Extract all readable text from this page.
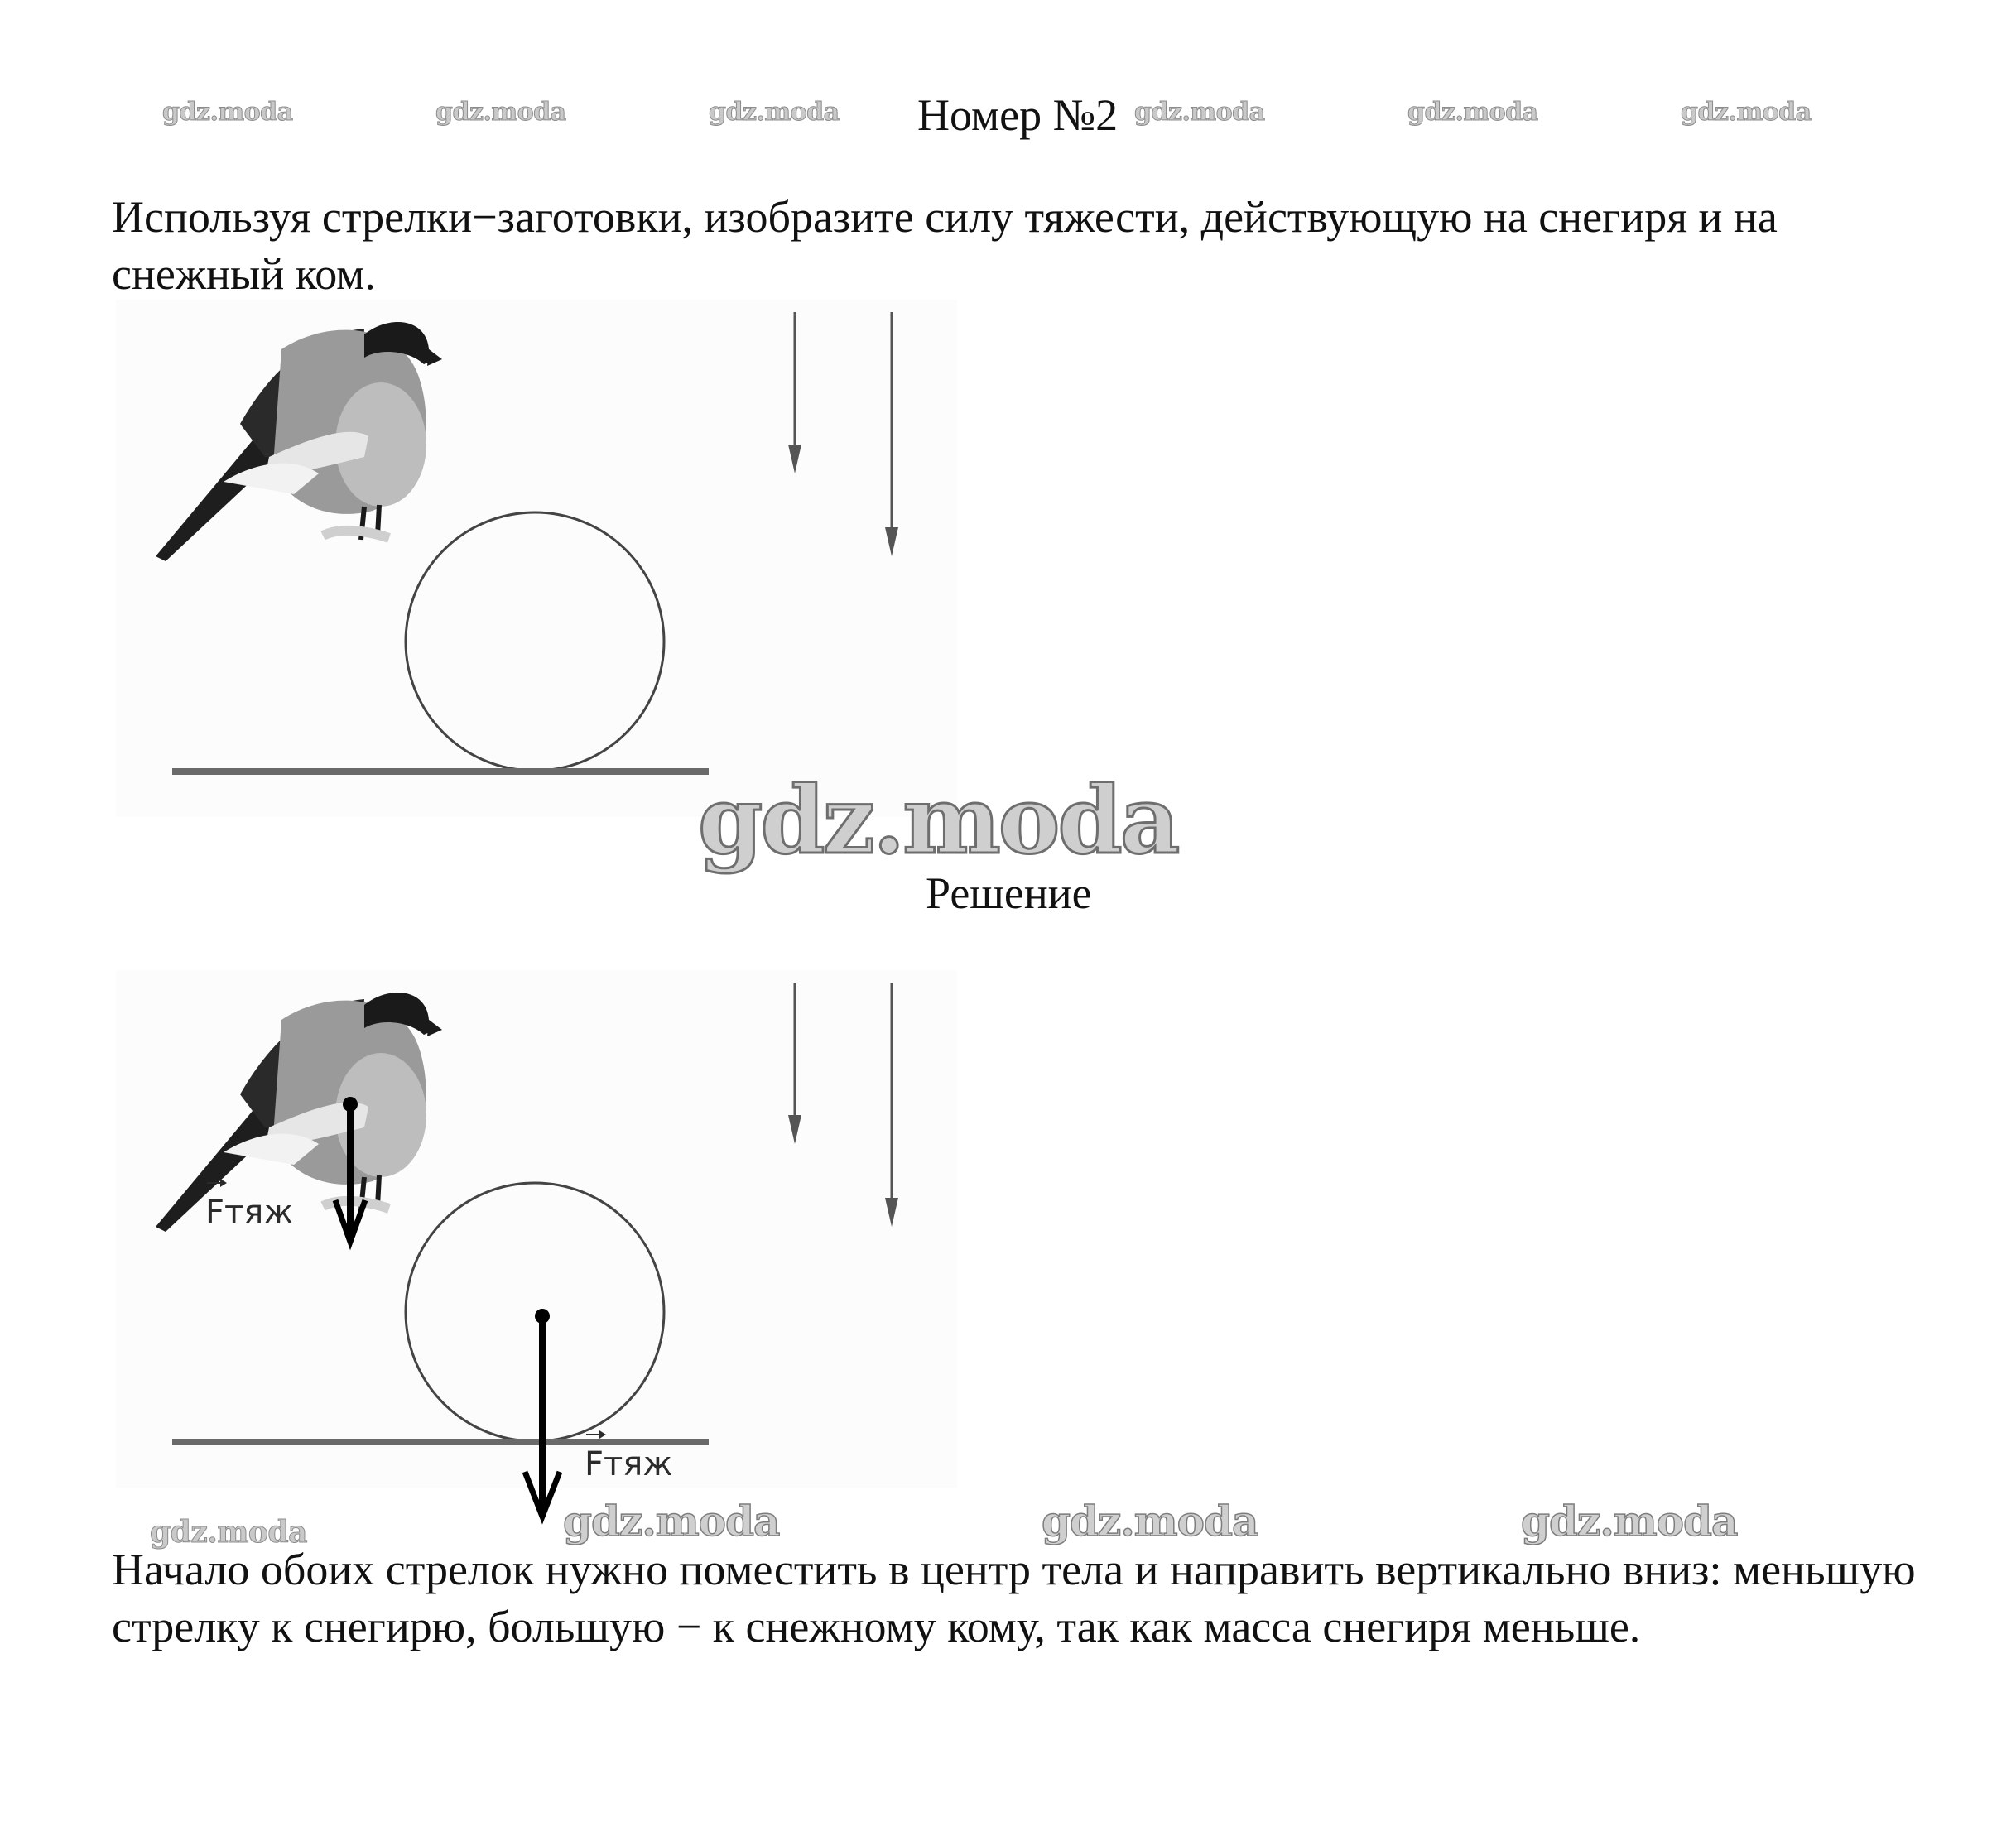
gdz.moda	gdz.moda	gdz.moda	gdz.moda	gdz.moda	gdz.moda
Номер №2
Используя стрелки−заготовки, изобразите силу тяжести, действующую на снегиря и на снежный ком.
gdz.moda
Решение
Fтяж
Fтяж
gdz.moda	gdz.moda	gdz.moda	gdz.moda
Начало обоих стрелок нужно поместить в центр тела и направить вертикально вниз: меньшую стрелку к снегирю, большую − к снежному кому, так как масса снегиря меньше.
